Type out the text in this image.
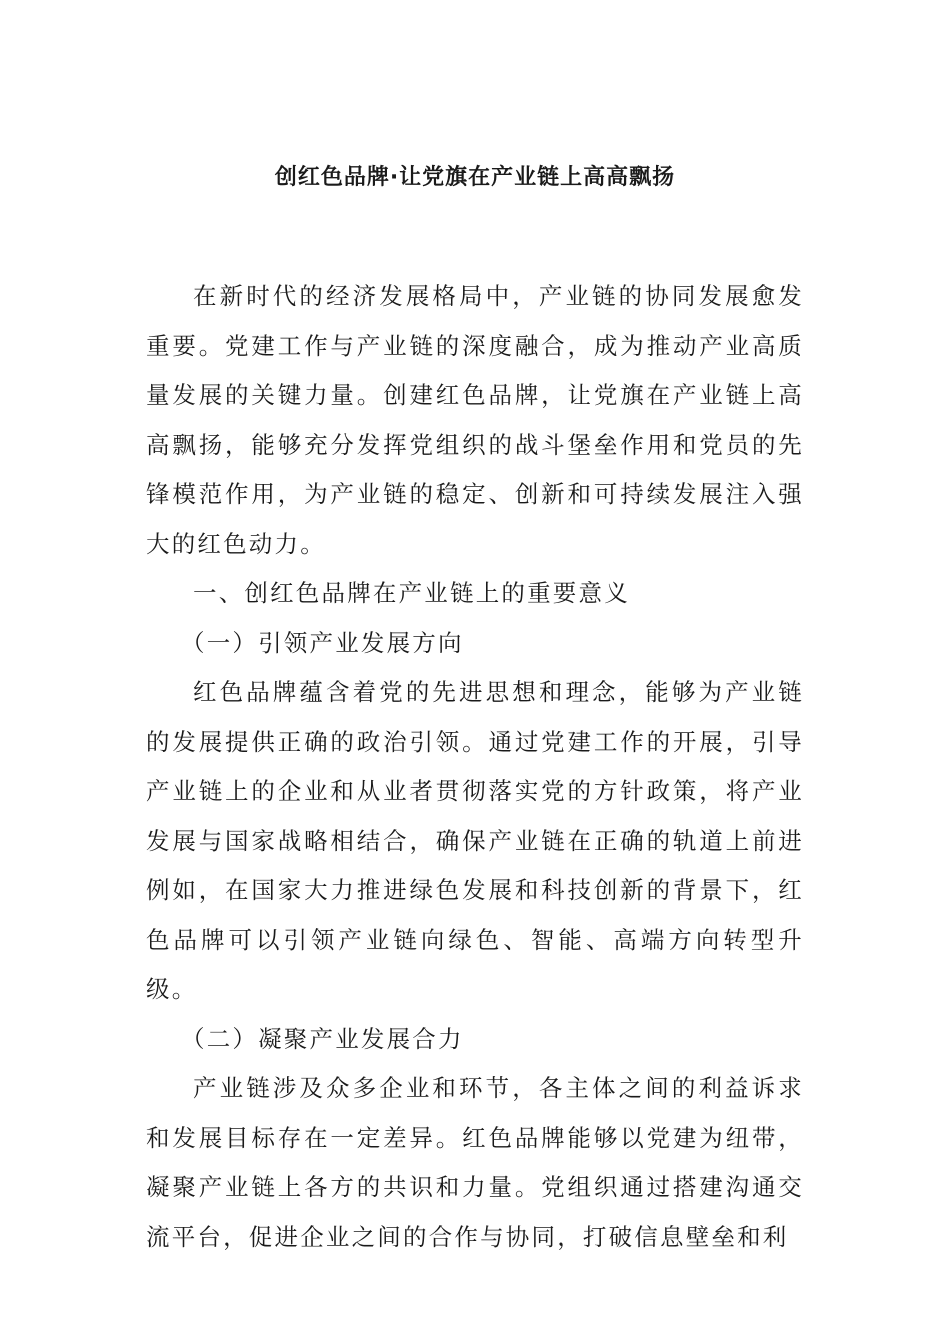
创红色品牌·让党旗在产业链上高高飘扬

在新时代的经济发展格局中，产业链的协同发展愈发重要。党建工作与产业链的深度融合，成为推动产业高质量发展的关键力量。创建红色品牌，让党旗在产业链上高高飘扬，能够充分发挥党组织的战斗堡垒作用和党员的先锋模范作用，为产业链的稳定、创新和可持续发展注入强大的红色动力。

一、创红色品牌在产业链上的重要意义

（一）引领产业发展方向

红色品牌蕴含着党的先进思想和理念，能够为产业链的发展提供正确的政治引领。通过党建工作的开展，引导产业链上的企业和从业者贯彻落实党的方针政策，将产业发展与国家战略相结合，确保产业链在正确的轨道上前进例如，在国家大力推进绿色发展和科技创新的背景下，红色品牌可以引领产业链向绿色、智能、高端方向转型升级。

（二）凝聚产业发展合力

产业链涉及众多企业和环节，各主体之间的利益诉求和发展目标存在一定差异。红色品牌能够以党建为纽带，凝聚产业链上各方的共识和力量。党组织通过搭建沟通交流平台，促进企业之间的合作与协同，打破信息壁垒和利
